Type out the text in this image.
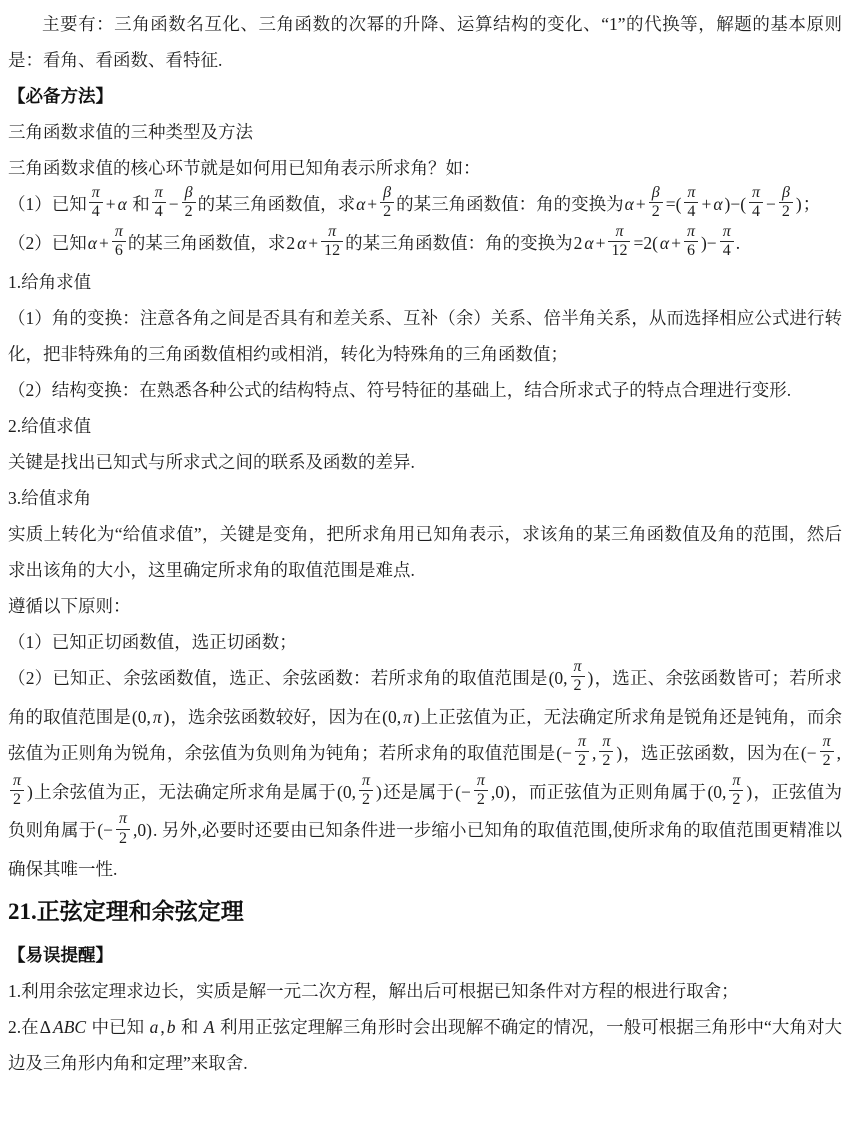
主要有：三角函数名互化、三角函数的次幂的升降、运算结构的变化、“1”的代换等，解题的基本原则是：看角、看函数、看特征.

【必备方法】

三角函数求值的三种类型及方法

三角函数求值的核心环节就是如何用已知角表示所求角？如：

（1）已知 $\frac{\pi}{4} + \alpha$ 和 $\frac{\pi}{4} - \frac{\beta}{2}$ 的某三角函数值，求$\alpha + \frac{\beta}{2}$ 的某三角函数值：角的变换为$\alpha + \frac{\beta}{2}$ =( $\frac{\pi}{4} + \alpha$ )−( $\frac{\pi}{4} - \frac{\beta}{2}$ )；

（2）已知$\alpha + \frac{\pi}{6}$ 的某三角函数值，求2 $\alpha + \frac{\pi}{12}$ 的某三角函数值：角的变换为2 $\alpha + \frac{\pi}{12} =2$( $\alpha + \frac{\pi}{6}$ )− $\frac{\pi}{4}$ .

1.给角求值

（1）角的变换：注意各角之间是否具有和差关系、互补（余）关系、倍半角关系，从而选择相应公式进行转化，把非特殊角的三角函数值相约或相消，转化为特殊角的三角函数值；

（2）结构变换：在熟悉各种公式的结构特点、符号特征的基础上，结合所求式子的特点合理进行变形.

2.给值求值

关键是找出已知式与所求式之间的联系及函数的差异.

3.给值求角

实质上转化为“给值求值”，关键是变角，把所求角用已知角表示，求该角的某三角函数值及角的范围，然后求出该角的大小，这里确定所求角的取值范围是难点.

遵循以下原则：

（1）已知正切函数值，选正切函数；

（2）已知正、余弦函数值，选正、余弦函数：若所求角的取值范围是(0, $\frac{\pi}{2}$ )，选正、余弦函数皆可；若所求角的取值范围是(0, π )，选余弦函数较好，因为在(0, π )上正弦值为正，无法确定所求角是锐角还是钝角，而余弦值为正则角为锐角，余弦值为负则角为钝角；若所求角的取值范围是(− $\frac{\pi}{2}$ , $\frac{\pi}{2}$ )，选正弦函数，因为在(− $\frac{\pi}{2}$ ,
$\frac{\pi}{2}$ )上余弦值为正，无法确定所求角是属于(0, $\frac{\pi}{2}$ )还是属于(− $\frac{\pi}{2} ,0$)，而正弦值为正则角属于(0, $\frac{\pi}{2}$ )，正弦值为负则角属于(− $\frac{\pi}{2} ,0$). 另外,必要时还要由已知条件进一步缩小已知角的取值范围,使所求角的取值范围更精准以确保其唯一性.

21.正弦定理和余弦定理
【易误提醒】

1.利用余弦定理求边长，实质是解一元二次方程，解出后可根据已知条件对方程的根进行取舍；

2.在Δ ABC 中已知 a , b 和 A 利用正弦定理解三角形时会出现解不确定的情况，一般可根据三角形中“大角对大边及三角形内角和定理”来取舍.
